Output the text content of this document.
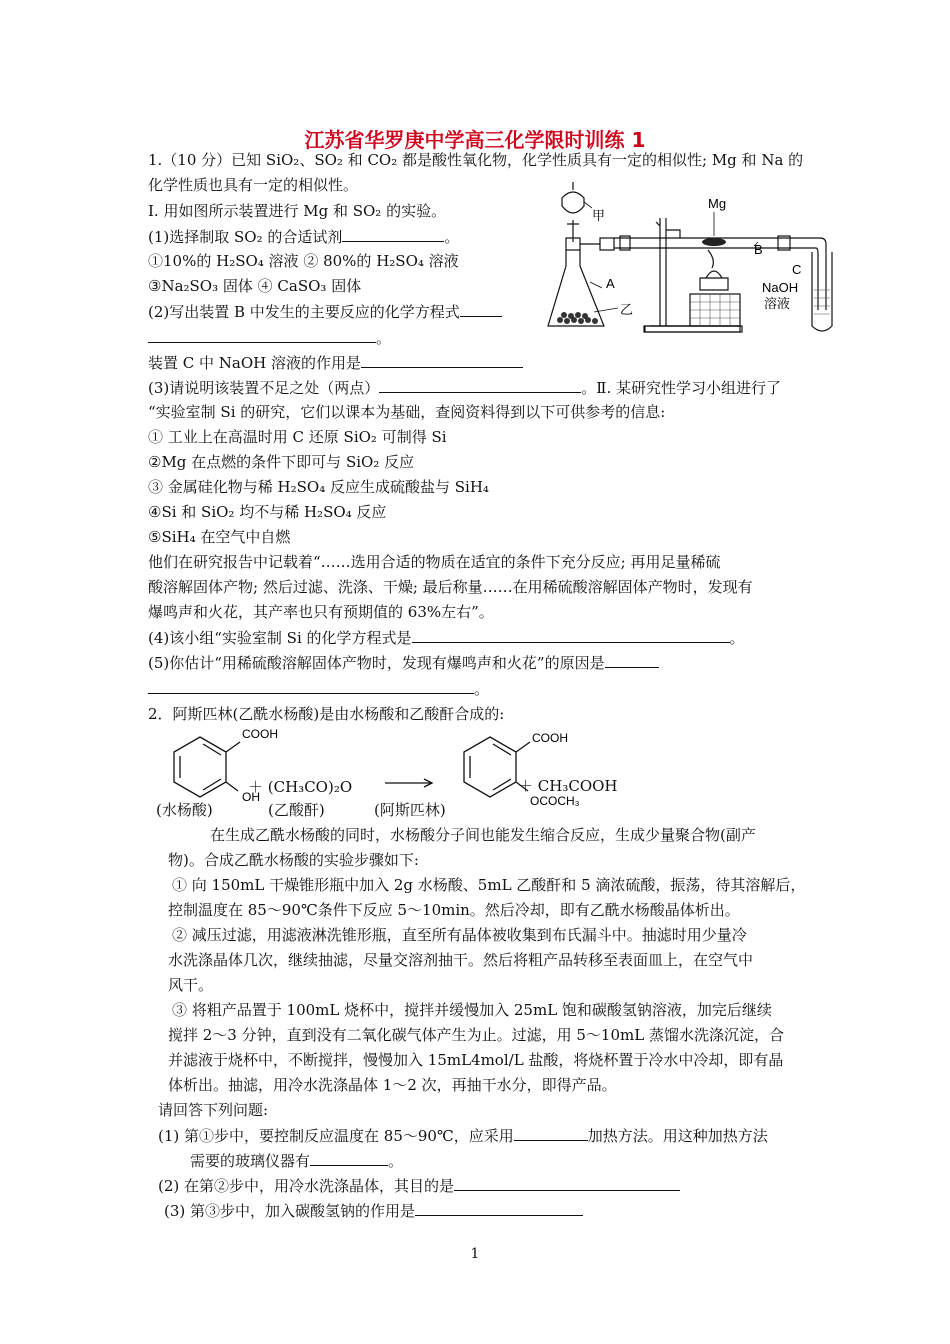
江苏省华罗庚中学高三化学限时训练 1
1.（10 分）已知 SiO₂、SO₂ 和 CO₂ 都是酸性氧化物，化学性质具有一定的相似性; Mg 和 Na 的
化学性质也具有一定的相似性。
Ⅰ. 用如图所示装置进行 Mg 和 SO₂ 的实验。
(1)选择制取 SO₂ 的合适试剂	。
①10%的 H₂SO₄ 溶液 ② 80%的 H₂SO₄ 溶液
③Na₂SO₃ 固体 ④ CaSO₃ 固体
(2)写出装置 B 中发生的主要反应的化学方程式
。
装置 C 中 NaOH 溶液的作用是
(3)请说明该装置不足之处（两点）	。Ⅱ. 某研究性学习小组进行了
“实验室制 Si 的研究，它们以课本为基础，查阅资料得到以下可供参考的信息:
① 工业上在高温时用 C 还原 SiO₂ 可制得 Si
②Mg 在点燃的条件下即可与 SiO₂ 反应
③ 金属硅化物与稀 H₂SO₄ 反应生成硫酸盐与 SiH₄
④Si 和 SiO₂ 均不与稀 H₂SO₄ 反应
⑤SiH₄ 在空气中自燃
他们在研究报告中记载着“……选用合适的物质在适宜的条件下充分反应; 再用足量稀硫
酸溶解固体产物; 然后过滤、洗涤、干燥; 最后称量……在用稀硫酸溶解固体产物时，发现有
爆鸣声和火花，其产率也只有预期值的 63%左右”。
(4)该小组“实验室制 Si 的化学方程式是	。
(5)你估计“用稀硫酸溶解固体产物时，发现有爆鸣声和火花”的原因是
。
甲
A
乙
Mg
B
C
NaOH
溶液
2．阿斯匹林(乙酰水杨酸)是由水杨酸和乙酸酐合成的:
COOH
OH
COOH
OCOCH₃
＋ (CH₃CO)₂O	＋ CH₃COOH
(水杨酸)	(乙酸酐)	(阿斯匹林)
在生成乙酰水杨酸的同时，水杨酸分子间也能发生缩合反应，生成少量聚合物(副产
物)。合成乙酰水杨酸的实验步骤如下:
① 向 150mL 干燥锥形瓶中加入 2g 水杨酸、5mL 乙酸酐和 5 滴浓硫酸，振荡，待其溶解后，
控制温度在 85～90℃条件下反应 5～10min。然后冷却，即有乙酰水杨酸晶体析出。
② 减压过滤，用滤液淋洗锥形瓶，直至所有晶体被收集到布氏漏斗中。抽滤时用少量冷
水洗涤晶体几次，继续抽滤，尽量交溶剂抽干。然后将粗产品转移至表面皿上，在空气中
风干。
③ 将粗产品置于 100mL 烧杯中，搅拌并缓慢加入 25mL 饱和碳酸氢钠溶液，加完后继续
搅拌 2～3 分钟，直到没有二氧化碳气体产生为止。过滤，用 5～10mL 蒸馏水洗涤沉淀，合
并滤液于烧杯中，不断搅拌，慢慢加入 15mL4mol/L 盐酸，将烧杯置于冷水中冷却，即有晶
体析出。抽滤，用冷水洗涤晶体 1～2 次，再抽干水分，即得产品。
请回答下列问题:
(1) 第①步中，要控制反应温度在 85～90℃，应采用	加热方法。用这种加热方法
需要的玻璃仪器有	。
(2) 在第②步中，用冷水洗涤晶体，其目的是
(3) 第③步中，加入碳酸氢钠的作用是
1
